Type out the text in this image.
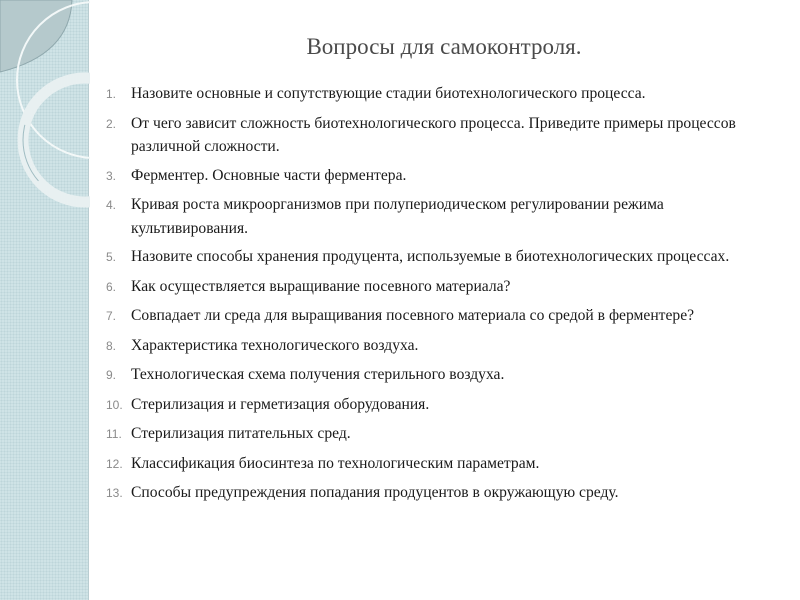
Вопросы для самоконтроля.
1. Назовите основные и сопутствующие стадии биотехнологического процесса.
2. От чего зависит сложность биотехнологического процесса. Приведите примеры процессов различной сложности.
3. Ферментер. Основные части ферментера.
4. Кривая роста микроорганизмов при полупериодическом регулировании режима культивирования.
5. Назовите способы хранения продуцента, используемые в биотехнологических процессах.
6. Как осуществляется выращивание посевного материала?
7. Совпадает ли среда для выращивания посевного материала со средой в ферментере?
8. Характеристика технологического воздуха.
9. Технологическая схема получения стерильного воздуха.
10. Стерилизация и герметизация оборудования.
11. Стерилизация питательных сред.
12. Классификация биосинтеза по технологическим параметрам.
13. Способы предупреждения попадания продуцентов в окружающую среду.
